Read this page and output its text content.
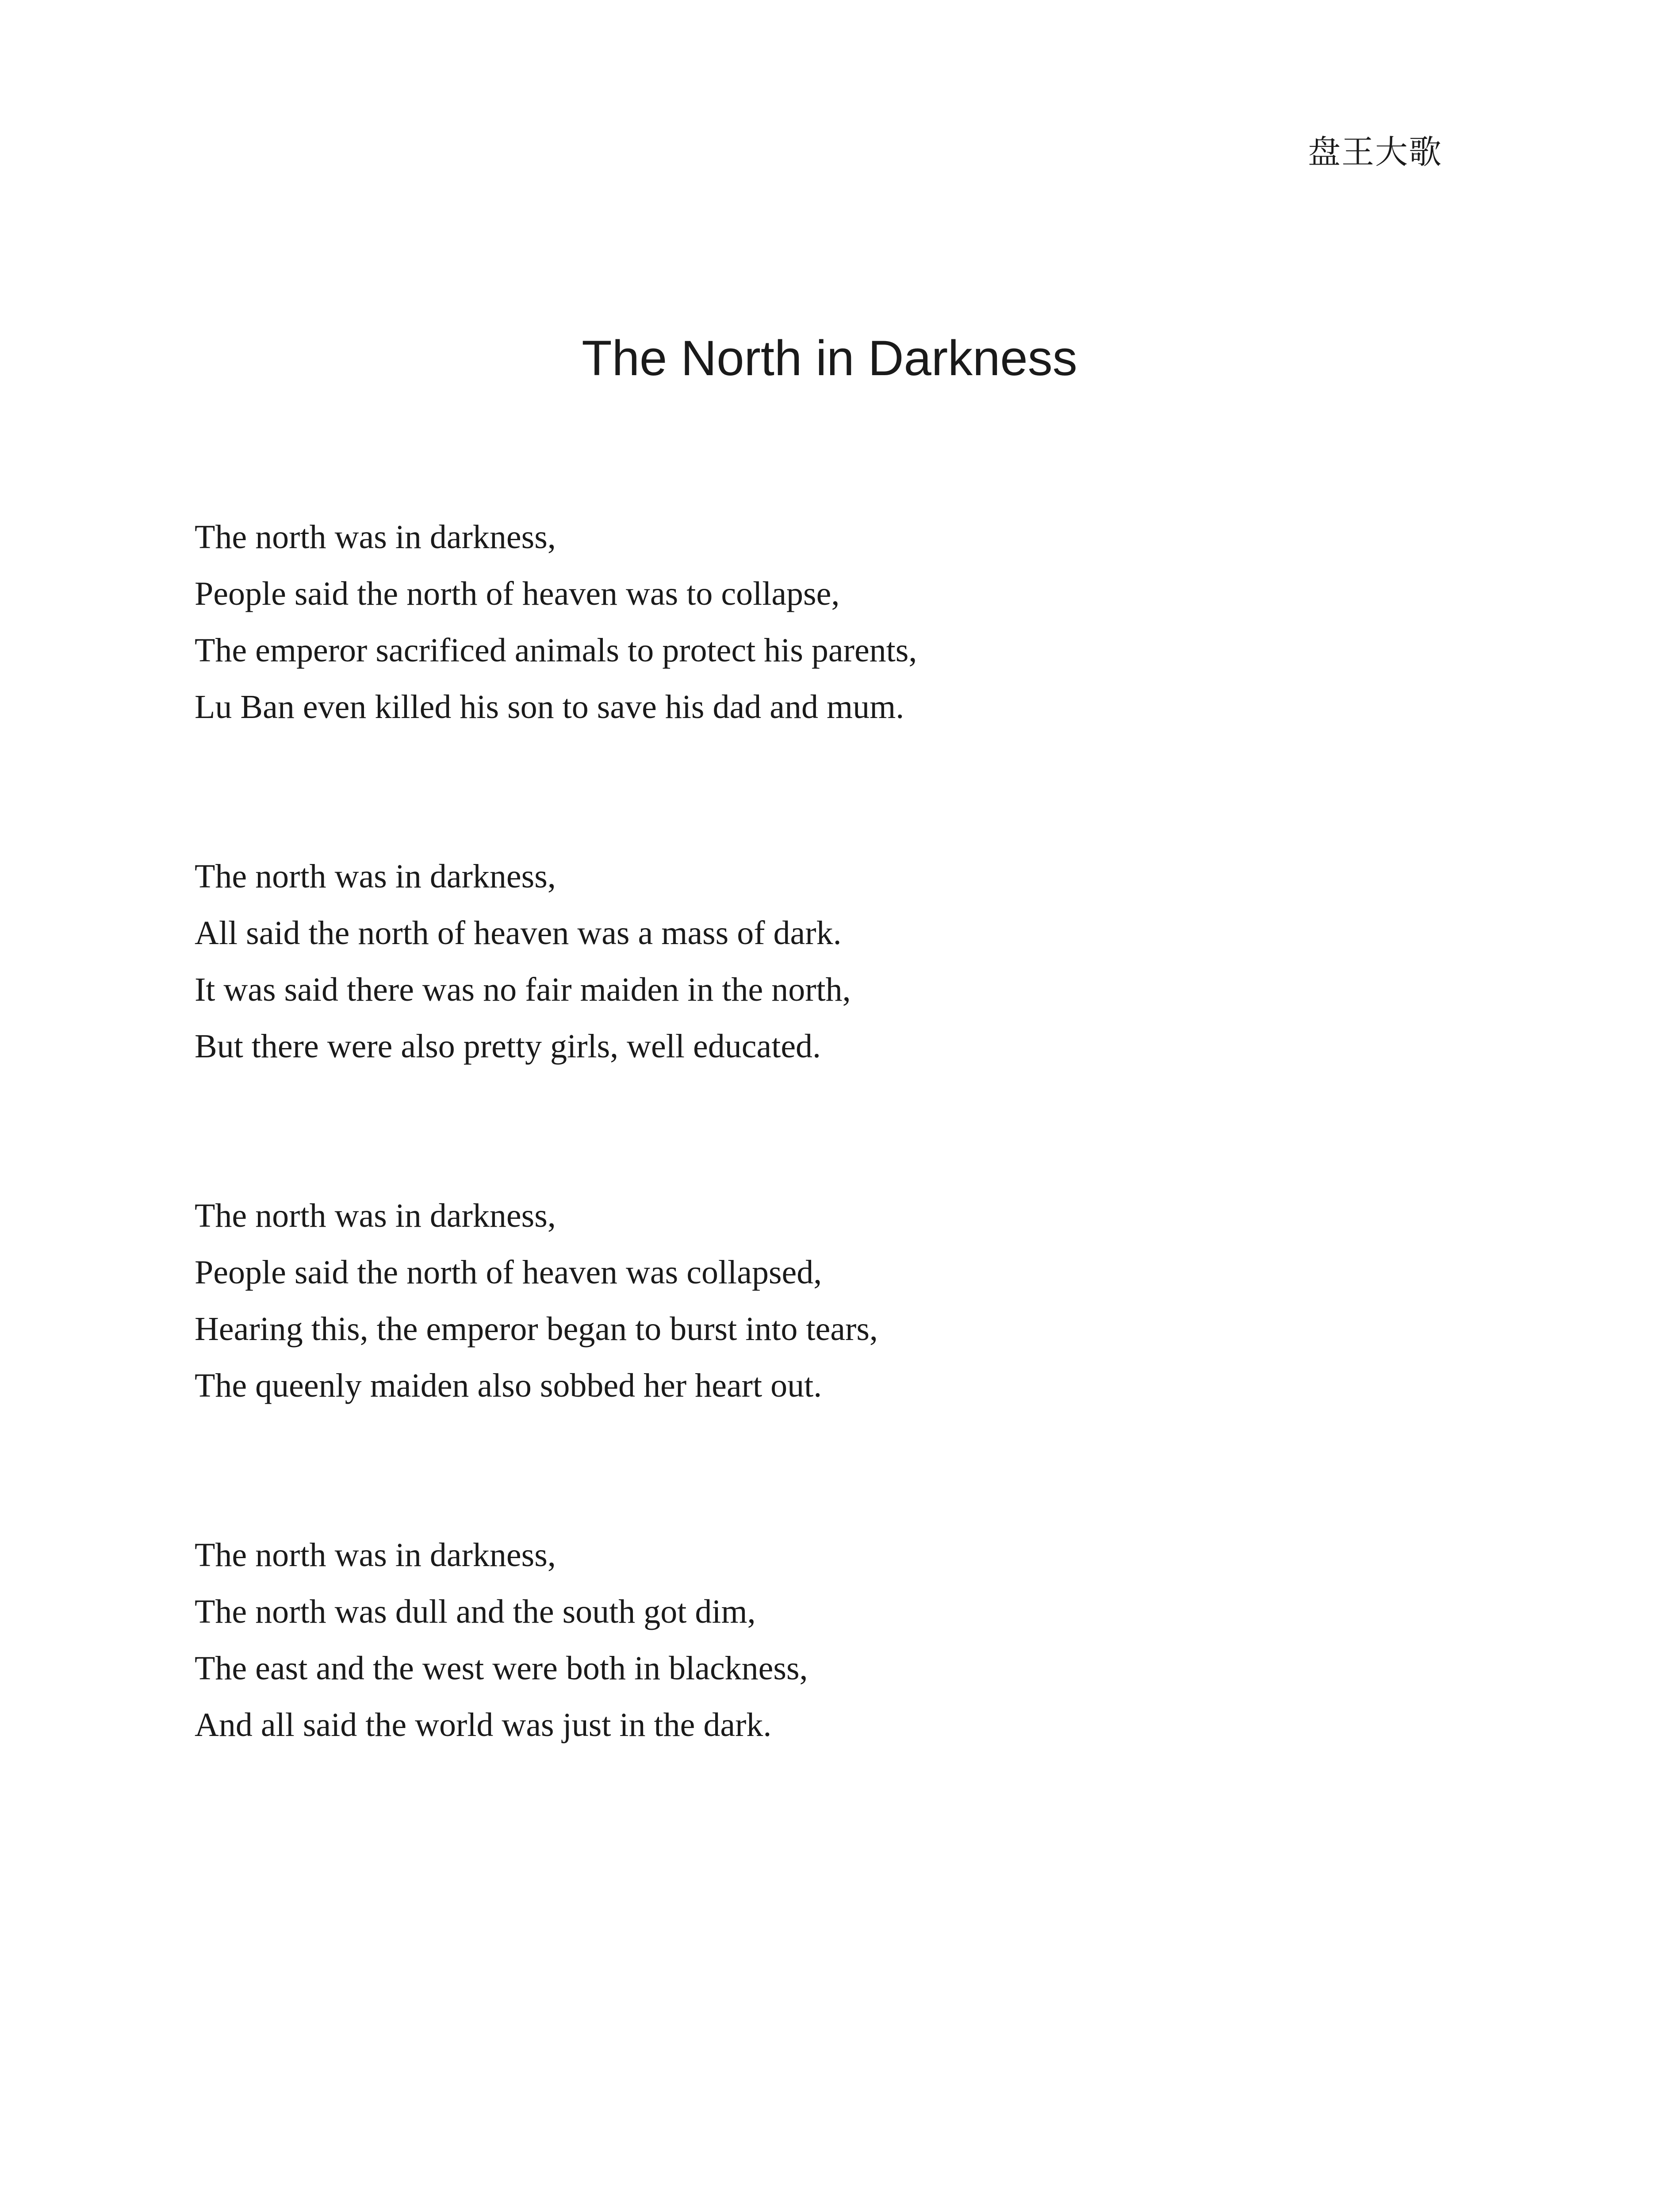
盘王大歌
The North in Darkness
The north was in darkness,
People said the north of heaven was to collapse,
The emperor sacrificed animals to protect his parents,
Lu Ban even killed his son to save his dad and mum.
The north was in darkness,
All said the north of heaven was a mass of dark.
It was said there was no fair maiden in the north,
But there were also pretty girls, well educated.
The north was in darkness,
People said the north of heaven was collapsed,
Hearing this, the emperor began to burst into tears,
The queenly maiden also sobbed her heart out.
The north was in darkness,
The north was dull and the south got dim,
The east and the west were both in blackness,
And all said the world was just in the dark.
